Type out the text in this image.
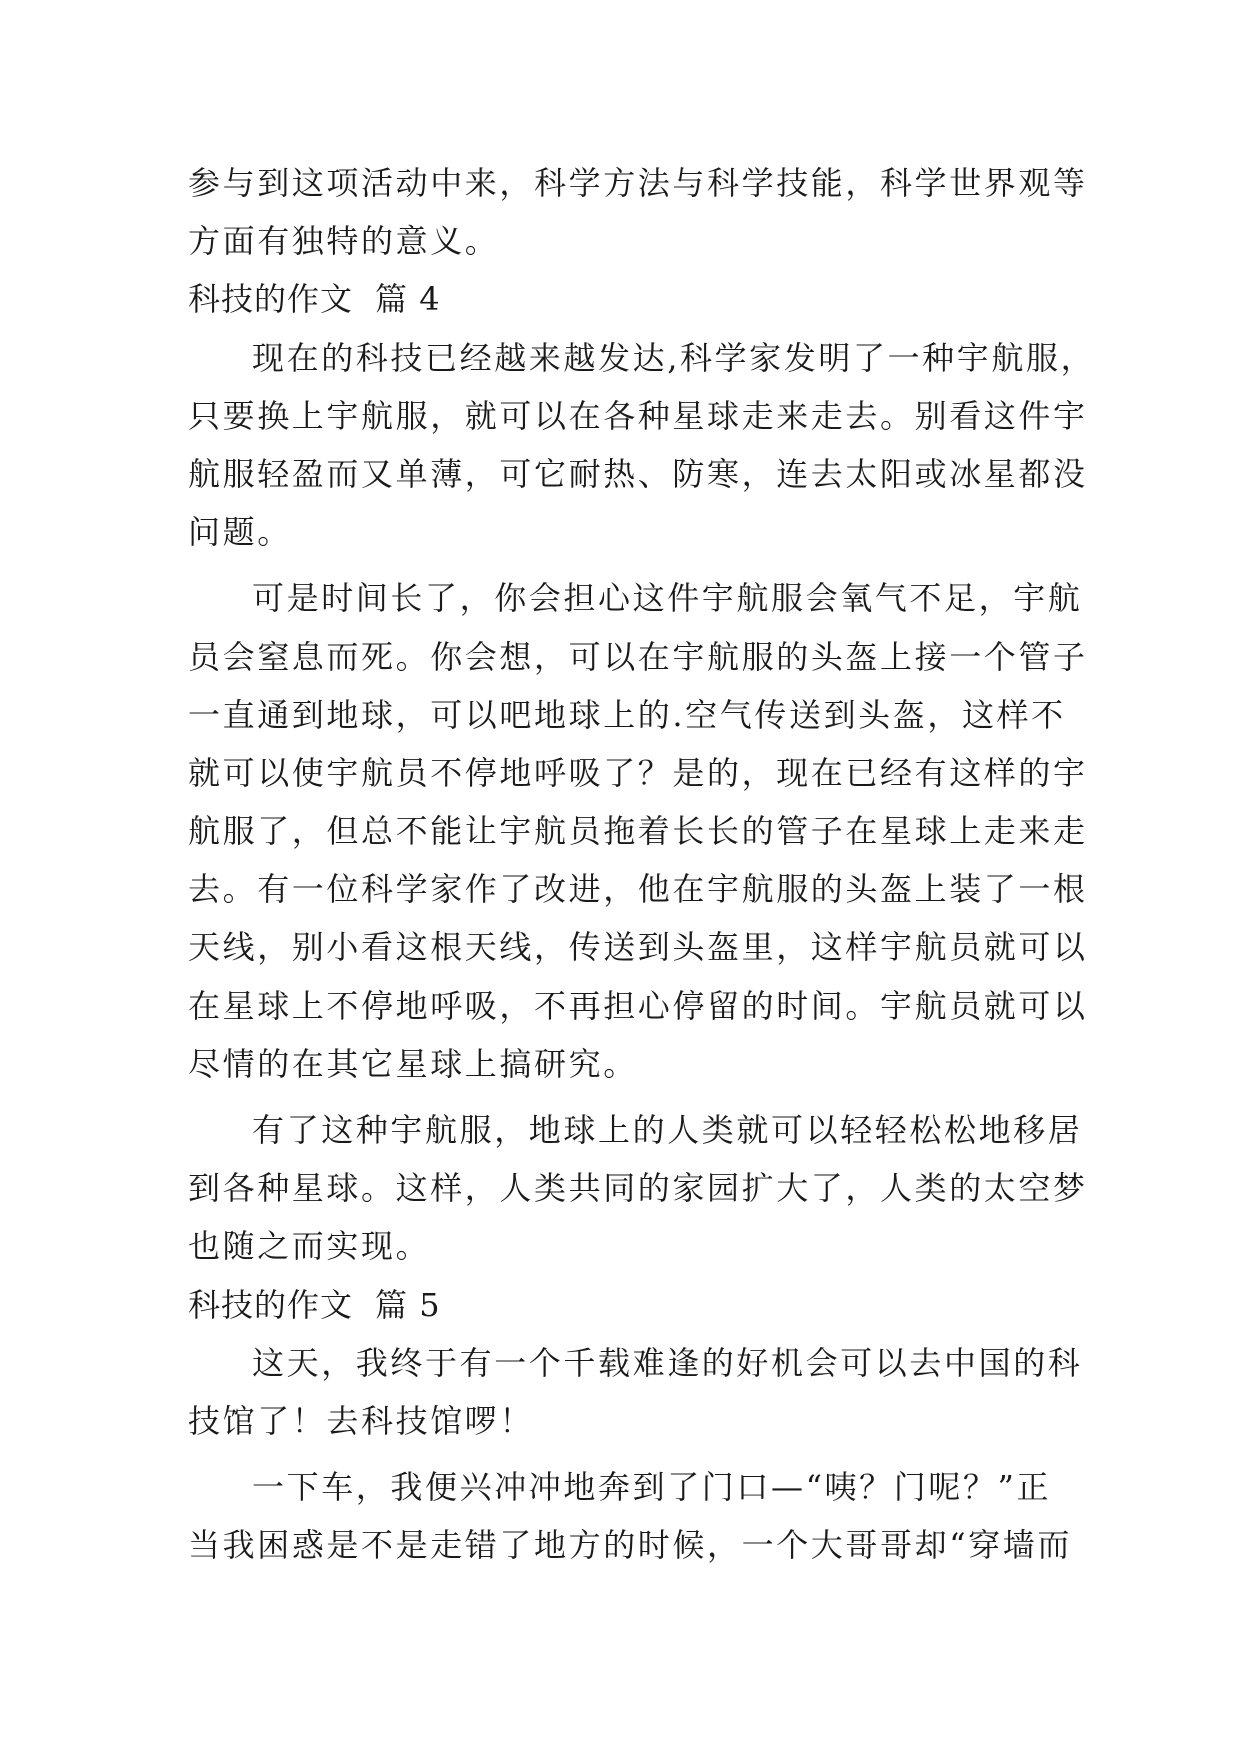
参与到这项活动中来，科学方法与科学技能，科学世界观等
方面有独特的意义。
科技的作文 篇 4
现在的科技已经越来越发达,科学家发明了一种宇航服，
只要换上宇航服，就可以在各种星球走来走去。别看这件宇
航服轻盈而又单薄，可它耐热、防寒，连去太阳或冰星都没
问题。
可是时间长了，你会担心这件宇航服会氧气不足，宇航
员会窒息而死。你会想，可以在宇航服的头盔上接一个管子
一直通到地球，可以吧地球上的.空气传送到头盔，这样不
就可以使宇航员不停地呼吸了？是的，现在已经有这样的宇
航服了，但总不能让宇航员拖着长长的管子在星球上走来走
去。有一位科学家作了改进，他在宇航服的头盔上装了一根
天线，别小看这根天线，传送到头盔里，这样宇航员就可以
在星球上不停地呼吸，不再担心停留的时间。宇航员就可以
尽情的在其它星球上搞研究。
有了这种宇航服，地球上的人类就可以轻轻松松地移居
到各种星球。这样，人类共同的家园扩大了，人类的太空梦
也随之而实现。
科技的作文 篇 5
这天，我终于有一个千载难逢的好机会可以去中国的科
技馆了！去科技馆啰！
一下车，我便兴冲冲地奔到了门口—“咦？门呢？”正
当我困惑是不是走错了地方的时候，一个大哥哥却“穿墙而
